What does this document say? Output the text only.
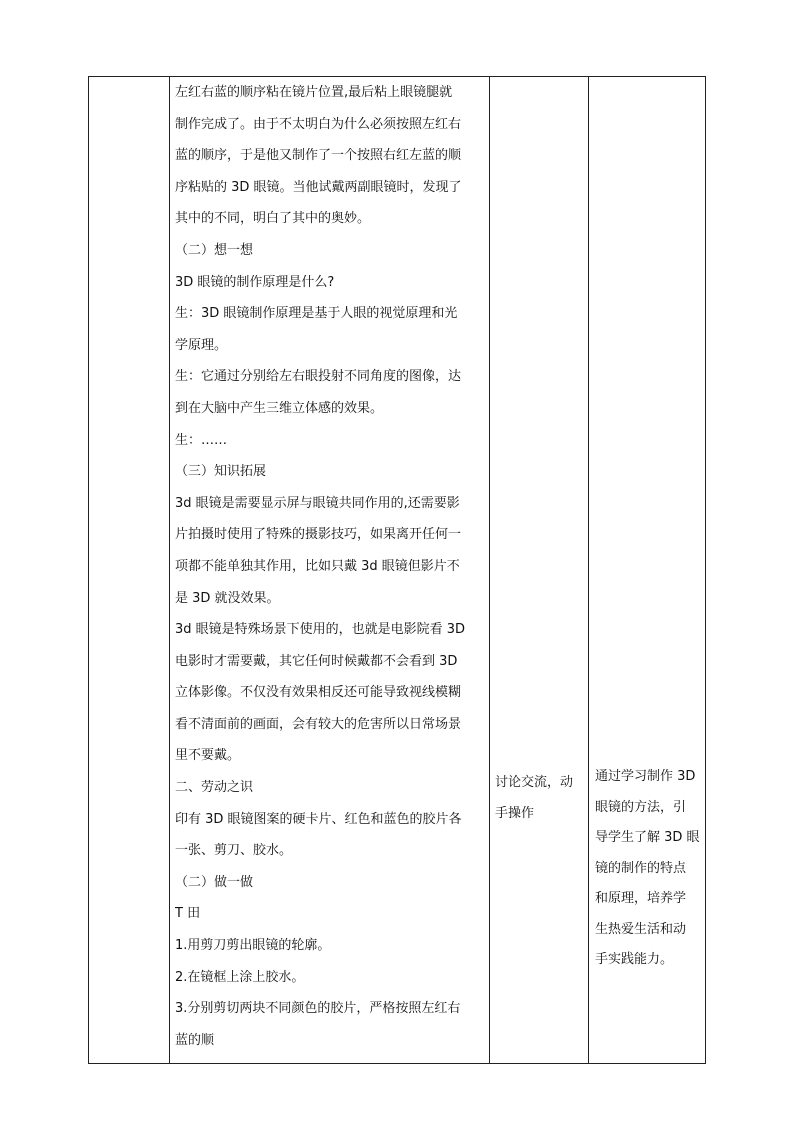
左红右蓝的顺序粘在镜片位置,最后粘上眼镜腿就

制作完成了。由于不太明白为什么必须按照左红右

蓝的顺序，于是他又制作了一个按照右红左蓝的顺

序粘贴的 3D 眼镜。当他试戴两副眼镜时，发现了

其中的不同，明白了其中的奥妙。

（二）想一想

3D 眼镜的制作原理是什么?

生：3D 眼镜制作原理是基于人眼的视觉原理和光

学原理。

生：它通过分别给左右眼投射不同角度的图像，达

到在大脑中产生三维立体感的效果。

生：……

（三）知识拓展

3d 眼镜是需要显示屏与眼镜共同作用的,还需要影

片拍摄时使用了特殊的摄影技巧，如果离开任何一

项都不能单独其作用，比如只戴 3d 眼镜但影片不

是 3D 就没效果。

3d 眼镜是特殊场景下使用的，也就是电影院看 3D

电影时才需要戴，其它任何时候戴都不会看到 3D

立体影像。不仅没有效果相反还可能导致视线模糊

看不清面前的画面，会有较大的危害所以日常场景

里不要戴。

二、劳动之识

印有 3D 眼镜图案的硬卡片、红色和蓝色的胶片各

一张、剪刀、胶水。

（二）做一做

T 田

1.用剪刀剪出眼镜的轮廓。

2.在镜框上涂上胶水。

3.分别剪切两块不同颜色的胶片，严格按照左红右

蓝的顺

讨论交流，动

手操作

通过学习制作 3D

眼镜的方法，引

导学生了解 3D 眼

镜的制作的特点

和原理，培养学

生热爱生活和动

手实践能力。
